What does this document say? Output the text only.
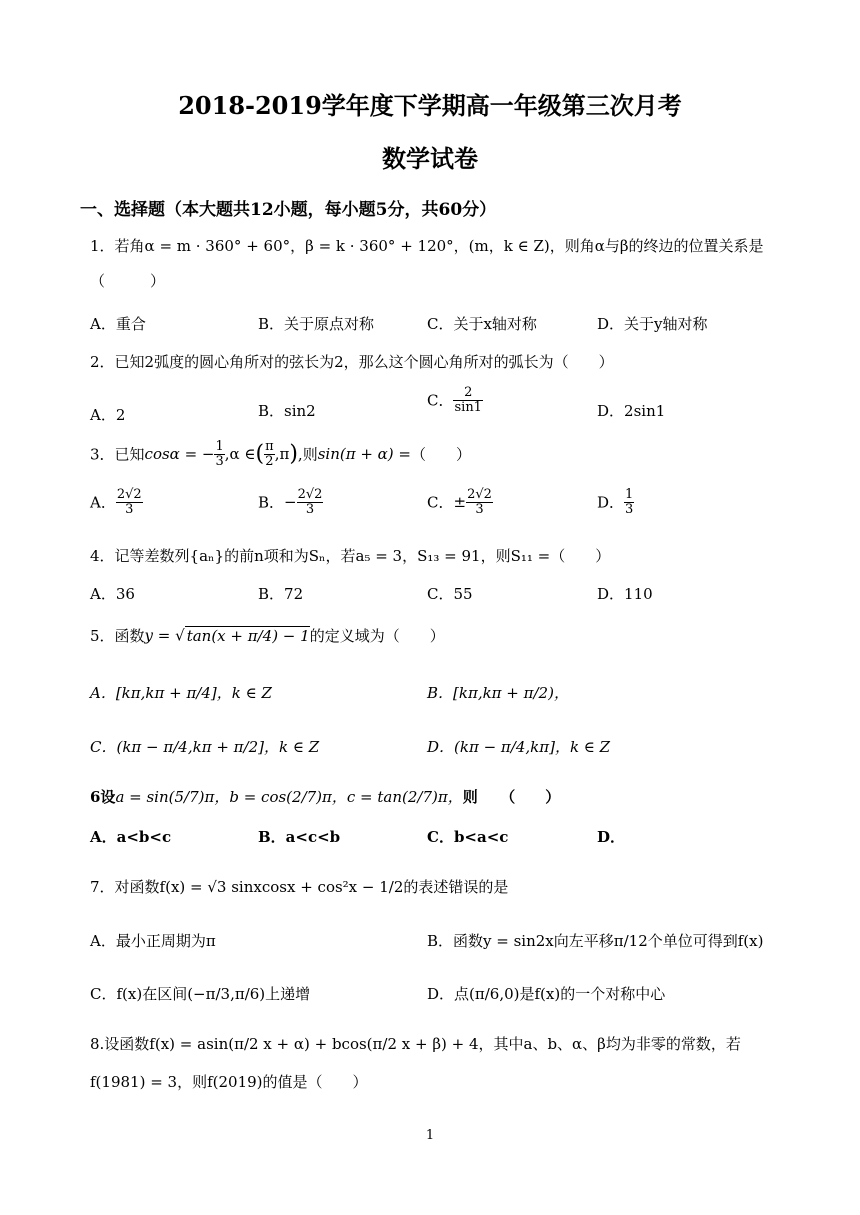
2018-2019学年度下学期高一年级第三次月考
数学试卷
一、选择题（本大题共12小题，每小题5分，共60分）
1．若角α = m · 360° + 60°，β = k · 360° + 120°，(m，k ∈ Z)，则角α与β的终边的位置关系是
（　　　）
A．重合	B．关于原点对称	C．关于x轴对称	D．关于y轴对称
2．已知2弧度的圆心角所对的弦长为2，那么这个圆心角所对的弧长为（　　）
A．2	B．sin2
C． $\frac{2}{\sin 1}$	D．2sin1
3．已知cosα = − $\frac{1}{3} ,\alpha$ ∈( $\frac{\pi}{2} ,\pi$),则sin(π + α) =（　　）
A． $\frac{2√2}{3}$	B．− $\frac{2√2}{3}$	C．± $\frac{2√2}{3}$	D． $\frac{1}{3}$
4．记等差数列{aₙ}的前n项和为Sₙ，若a₅ = 3，S₁₃ = 91，则S₁₁ =（　　）
A．36	B．72	C．55	D．110
5．函数y = √ tan(x + π/4) − 1的定义域为（　　）
A．[kπ,kπ + π/4]，k ∈ Z	B．[kπ,kπ + π/2)，
C．(kπ − π/4,kπ + π/2]，k ∈ Z	D．(kπ − π/4,kπ]，k ∈ Z
6设a = sin(5/7)π，b = cos(2/7)π，c = tan(2/7)π，则　　（　　）
A．a<b<c	B．a<c<b	C．b<a<c	D．
7．对函数f(x) = √3 sinxcosx + cos²x − 1/2的表述错误的是
A．最小正周期为π	B．函数y = sin2x向左平移π/12个单位可得到f(x)
C．f(x)在区间(−π/3,π/6)上递增	D．点(π/6,0)是f(x)的一个对称中心
8.设函数f(x) = asin(π/2 x + α) + bcos(π/2 x + β) + 4，其中a、b、α、β均为非零的常数，若
f(1981) = 3，则f(2019)的值是（　　）
1
